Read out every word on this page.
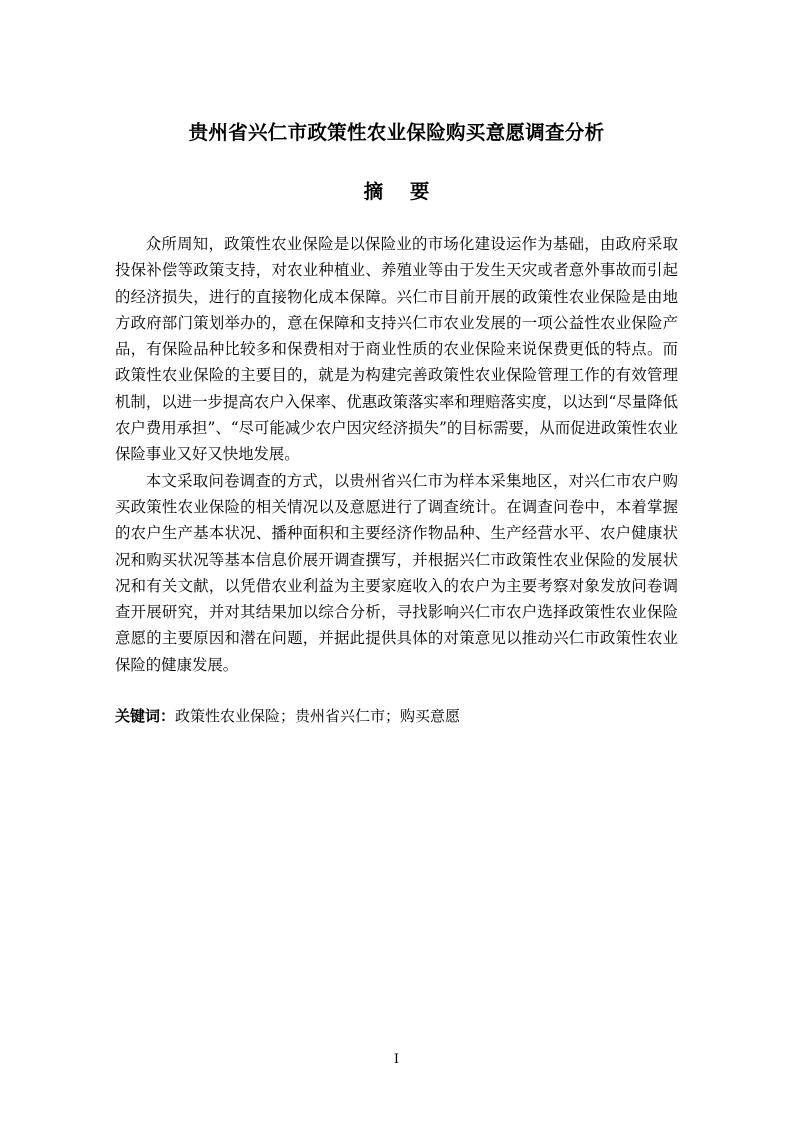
贵州省兴仁市政策性农业保险购买意愿调查分析
摘 要

众所周知，政策性农业保险是以保险业的市场化建设运作为基础，由政府采取投保补偿等政策支持，对农业种植业、养殖业等由于发生天灾或者意外事故而引起的经济损失，进行的直接物化成本保障。兴仁市目前开展的政策性农业保险是由地方政府部门策划举办的，意在保障和支持兴仁市农业发展的一项公益性农业保险产品，有保险品种比较多和保费相对于商业性质的农业保险来说保费更低的特点。而政策性农业保险的主要目的，就是为构建完善政策性农业保险管理工作的有效管理机制，以进一步提高农户入保率、优惠政策落实率和理赔落实度，以达到“尽量降低农户费用承担”、“尽可能减少农户因灾经济损失”的目标需要，从而促进政策性农业保险事业又好又快地发展。

本文采取问卷调查的方式，以贵州省兴仁市为样本采集地区，对兴仁市农户购买政策性农业保险的相关情况以及意愿进行了调查统计。在调查问卷中，本着掌握的农户生产基本状况、播种面积和主要经济作物品种、生产经营水平、农户健康状况和购买状况等基本信息价展开调查撰写，并根据兴仁市政策性农业保险的发展状况和有关文献，以凭借农业利益为主要家庭收入的农户为主要考察对象发放问卷调查开展研究，并对其结果加以综合分析，寻找影响兴仁市农户选择政策性农业保险意愿的主要原因和潜在问题，并据此提供具体的对策意见以推动兴仁市政策性农业保险的健康发展。

关键词：政策性农业保险；贵州省兴仁市；购买意愿
I
